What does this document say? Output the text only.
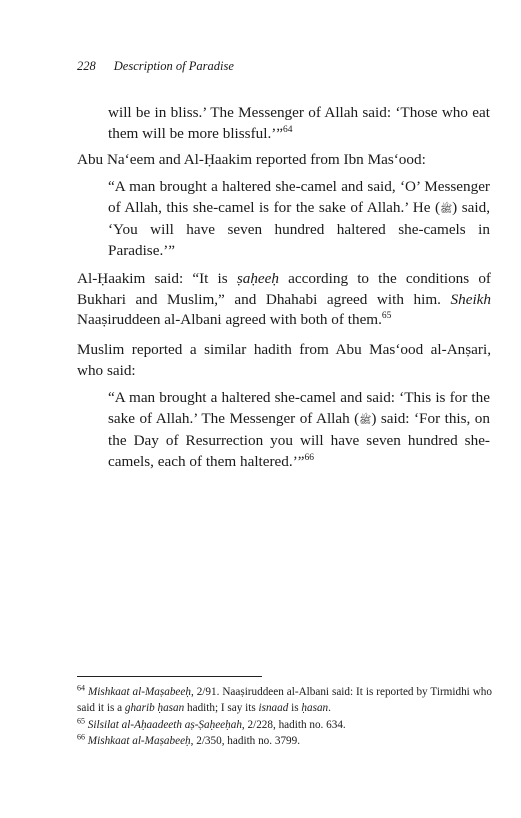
228 Description of Paradise
will be in bliss.’ The Messenger of Allah said: ‘Those who eat them will be more blissful.’”$^{64}$
Abu Na‘eem and Al-Ḥaakim reported from Ibn Mas‘ood:
“A man brought a haltered she-camel and said, ‘O’ Messenger of Allah, this she-camel is for the sake of Allah.’ He (ﷺ) said, ‘You will have seven hundred haltered she-camels in Paradise.’”
Al-Ḥaakim said: “It is ṣaḥeeḥ according to the conditions of Bukhari and Muslim,” and Dhahabi agreed with him. Sheikh Naaṣiruddeen al-Albani agreed with both of them.$^{65}$
Muslim reported a similar hadith from Abu Mas‘ood al-Anṣari, who said:
“A man brought a haltered she-camel and said: ‘This is for the sake of Allah.’ The Messenger of Allah (ﷺ) said: ‘For this, on the Day of Resurrection you will have seven hundred she-camels, each of them haltered.’”$^{66}$
$^{64}$ Mishkaat al-Maṣabeeḥ, 2/91. Naaṣiruddeen al-Albani said: It is reported by Tirmidhi who said it is a gharib ḥasan hadith; I say its isnaad is ḥasan.
$^{65}$ Silsilat al-Aḥaadeeth aṣ-Ṣaḥeeḥah, 2/228, hadith no. 634.
$^{66}$ Mishkaat al-Maṣabeeḥ, 2/350, hadith no. 3799.
